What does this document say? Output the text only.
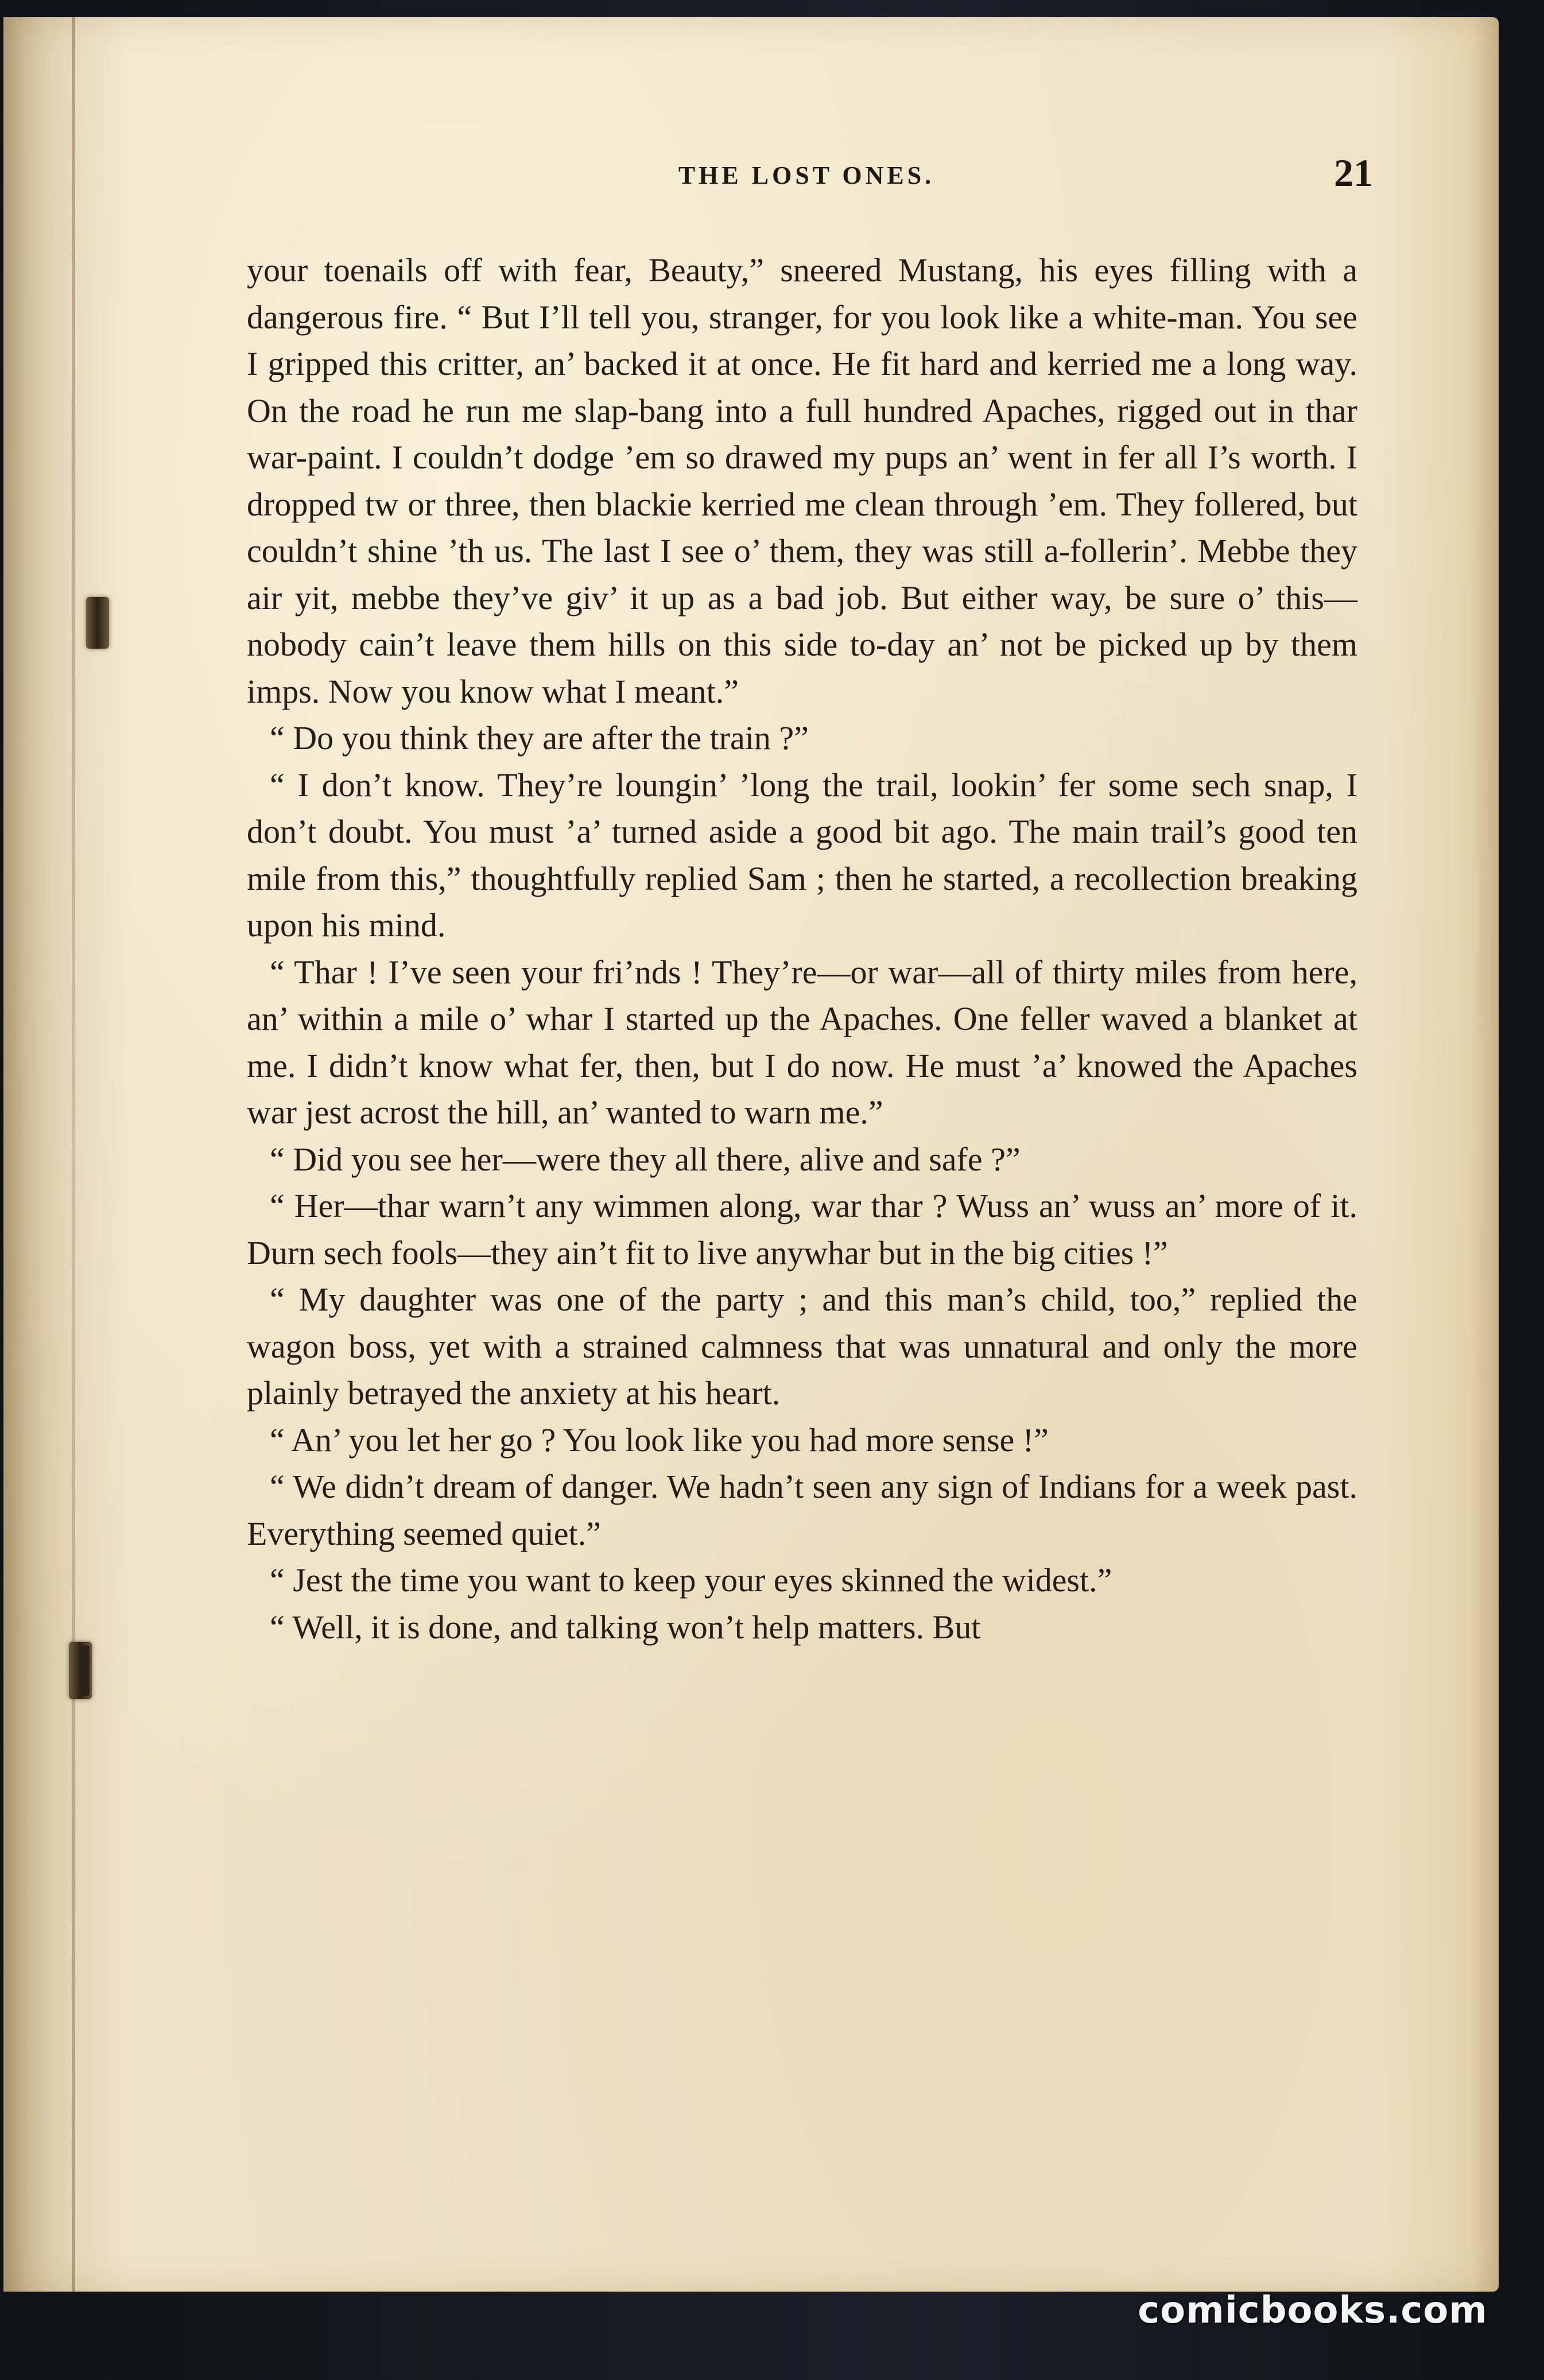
THE LOST ONES.	21

your toenails off with fear, Beauty,” sneered Mustang, his eyes filling with a dangerous fire. “ But I’ll tell you, stranger, for you look like a white-man. You see I gripped this critter, an’ backed it at once. He fit hard and kerried me a long way. On the road he run me slap-bang into a full hundred Apaches, rigged out in thar war-paint. I couldn’t dodge ’em so drawed my pups an’ went in fer all I’s worth. I dropped tw or three, then blackie kerried me clean through ’em. They follered, but couldn’t shine ’th us. The last I see o’ them, they was still a-follerin’. Mebbe they air yit, mebbe they’ve giv’ it up as a bad job. But either way, be sure o’ this—nobody cain’t leave them hills on this side to-day an’ not be picked up by them imps. Now you know what I meant.”

“ Do you think they are after the train ?”

“ I don’t know. They’re loungin’ ’long the trail, lookin’ fer some sech snap, I don’t doubt. You must ’a’ turned aside a good bit ago. The main trail’s good ten mile from this,” thoughtfully replied Sam ; then he started, a recollection breaking upon his mind.

“ Thar ! I’ve seen your fri’nds ! They’re—or war—all of thirty miles from here, an’ within a mile o’ whar I started up the Apaches. One feller waved a blanket at me. I didn’t know what fer, then, but I do now. He must ’a’ knowed the Apaches war jest acrost the hill, an’ wanted to warn me.”

“ Did you see her—were they all there, alive and safe ?”

“ Her—thar warn’t any wimmen along, war thar ? Wuss an’ wuss an’ more of it. Durn sech fools—they ain’t fit to live anywhar but in the big cities !”

“ My daughter was one of the party ; and this man’s child, too,” replied the wagon boss, yet with a strained calmness that was unnatural and only the more plainly betrayed the anxiety at his heart.

“ An’ you let her go ? You look like you had more sense !”

“ We didn’t dream of danger. We hadn’t seen any sign of Indians for a week past. Everything seemed quiet.”

“ Jest the time you want to keep your eyes skinned the widest.”

“ Well, it is done, and talking won’t help matters. But

comicbooks.com
